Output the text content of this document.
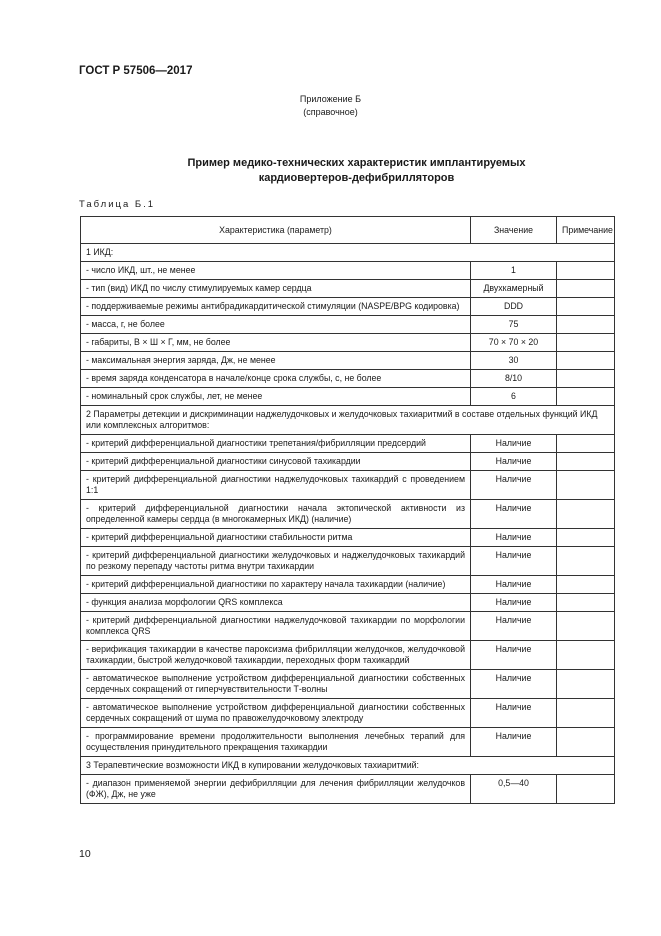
ГОСТ Р 57506—2017
Приложение Б
(справочное)
Пример медико-технических характеристик имплантируемых
кардиовертеров-дефибрилляторов
Таблица Б.1
Характеристика (параметр)	Значение	Примечание
1 ИКД:		
- число ИКД, шт., не менее	1	
- тип (вид) ИКД по числу стимулируемых камер сердца	Двухкамерный	
- поддерживаемые режимы антибрадикардитической стимуляции (NASPE/BPG кодировка)	DDD	
- масса, г, не более	75	
- габариты, В × Ш × Г, мм, не более	70 × 70 × 20	
- максимальная энергия заряда, Дж, не менее	30	
- время заряда конденсатора в начале/конце срока службы, с, не более	8/10	
- номинальный срок службы, лет, не менее	6	
2 Параметры детекции и дискриминации наджелудочковых и желудочковых тахиаритмий в составе отдельных функций ИКД или комплексных алгоритмов:		
- критерий дифференциальной диагностики трепетания/фибрилляции предсердий	Наличие	
- критерий дифференциальной диагностики синусовой тахикардии	Наличие	
- критерий дифференциальной диагностики наджелудочковых тахикардий с проведением 1:1	Наличие	
- критерий дифференциальной диагностики начала эктопической активности из определенной камеры сердца (в многокамерных ИКД) (наличие)	Наличие	
- критерий дифференциальной диагностики стабильности ритма	Наличие	
- критерий дифференциальной диагностики желудочковых и наджелудочковых тахикардий по резкому перепаду частоты ритма внутри тахикардии	Наличие	
- критерий дифференциальной диагностики по характеру начала тахикардии (наличие)	Наличие	
- функция анализа морфологии QRS комплекса	Наличие	
- критерий дифференциальной диагностики наджелудочковой тахикардии по морфологии комплекса QRS	Наличие	
- верификация тахикардии в качестве пароксизма фибрилляции желудочков, желудочковой тахикардии, быстрой желудочковой тахикардии, переходных форм тахикардий	Наличие	
- автоматическое выполнение устройством дифференциальной диагностики собственных сердечных сокращений от гиперчувствительности Т-волны	Наличие	
- автоматическое выполнение устройством дифференциальной диагностики собственных сердечных сокращений от шума по правожелудочковому электроду	Наличие	
- программирование времени продолжительности выполнения лечебных терапий для осуществления принудительного прекращения тахикардии	Наличие	
3 Терапевтические возможности ИКД в купировании желудочковых тахиаритмий:		
- диапазон применяемой энергии дефибрилляции для лечения фибрилляции желудочков (ФЖ), Дж, не уже	0,5—40	
10
